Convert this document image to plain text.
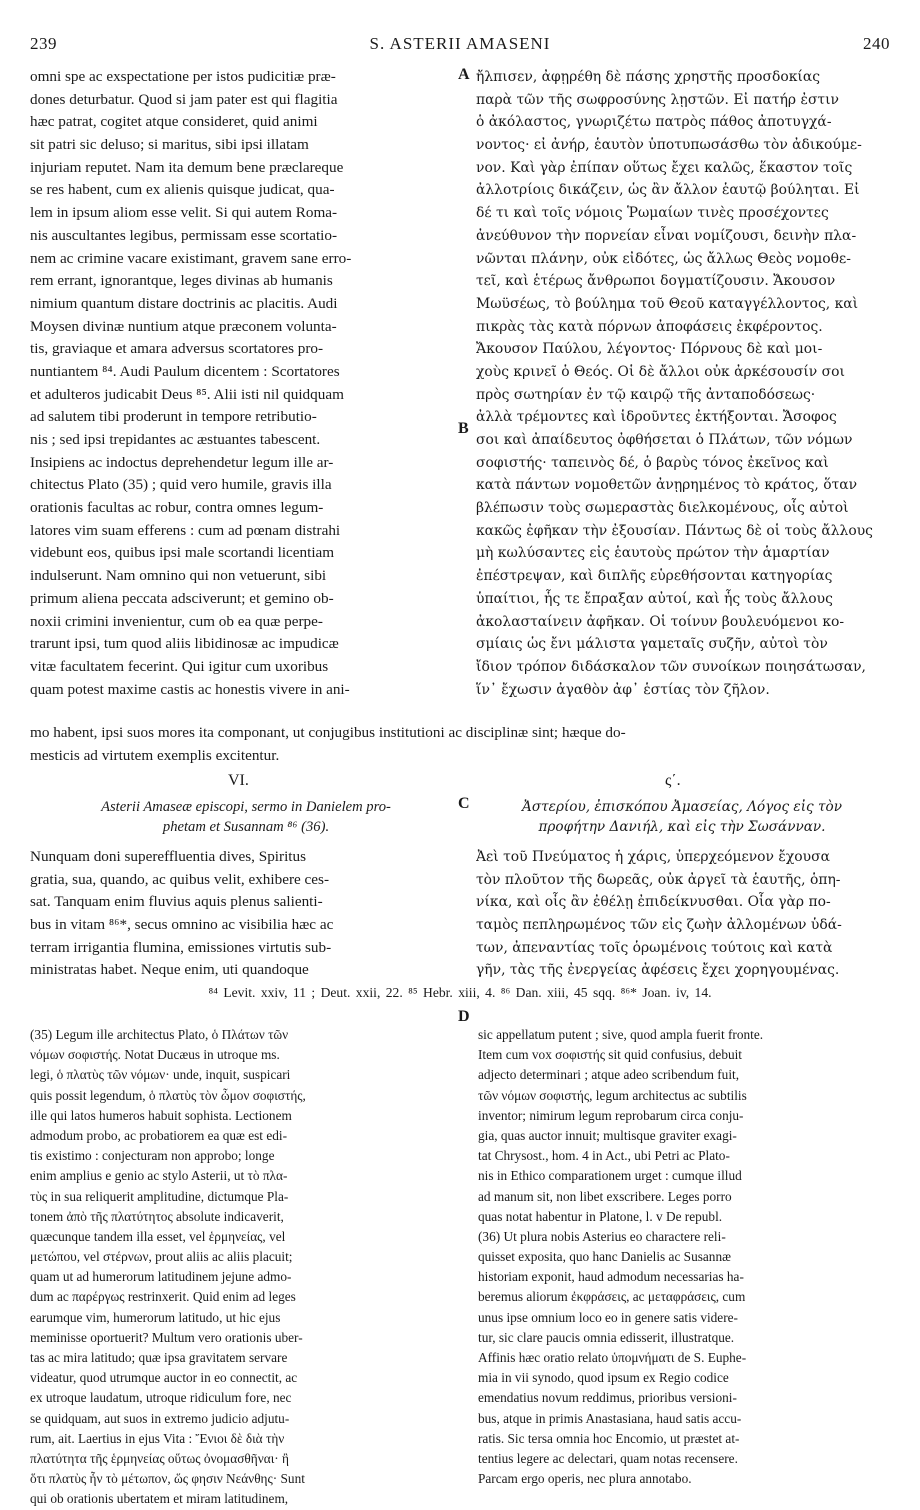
239	S. ASTERII AMASENI	240
A
B
C
D
omni spe ac exspectatione per istos pudicitiæ præ-
dones deturbatur. Quod si jam pater est qui flagitia
hæc patrat, cogitet atque consideret, quid animi
sit patri sic deluso; si maritus, sibi ipsi illatam
injuriam reputet. Nam ita demum bene præclareque
se res habent, cum ex alienis quisque judicat, qua-
lem in ipsum aliom esse velit. Si qui autem Roma-
nis auscultantes legibus, permissam esse scortatio-
nem ac crimine vacare existimant, gravem sane erro-
rem errant, ignorantque, leges divinas ab humanis
nimium quantum distare doctrinis ac placitis. Audi
Moysen divinæ nuntium atque præconem volunta-
tis, graviaque et amara adversus scortatores pro-
nuntiantem ⁸⁴. Audi Paulum dicentem : Scortatores
et adulteros judicabit Deus ⁸⁵. Alii isti nil quidquam
ad salutem tibi proderunt in tempore retributio-
nis ; sed ipsi trepidantes ac æstuantes tabescent.
Insipiens ac indoctus deprehendetur legum ille ar-
chitectus Plato (35) ; quid vero humile, gravis illa
orationis facultas ac robur, contra omnes legum-
latores vim suam efferens : cum ad pœnam distrahi
videbunt eos, quibus ipsi male scortandi licentiam
indulserunt. Nam omnino qui non vetuerunt, sibi
primum aliena peccata adsciverunt; et gemino ob-
noxii crimini invenientur, cum ob ea quæ perpe-
trarunt ipsi, tum quod aliis libidinosæ ac impudicæ
vitæ facultatem fecerint. Qui igitur cum uxoribus
quam potest maxime castis ac honestis vivere in ani-
ἤλπισεν, ἀφῃρέθη δὲ πάσης χρηστῆς προσδοκίας
παρὰ τῶν τῆς σωφροσύνης λῃστῶν. Εἰ πατήρ ἐστιν
ὁ ἀκόλαστος, γνωριζέτω πατρὸς πάθος ἀποτυγχά-
νοντος· εἰ ἀνήρ, ἑαυτὸν ὑποτυπωσάσθω τὸν ἀδικούμε-
νον. Καὶ γὰρ ἐπίπαν οὕτως ἔχει καλῶς, ἕκαστον τοῖς
ἀλλοτρίοις δικάζειν, ὡς ἂν ἄλλον ἑαυτῷ βούληται. Εἰ
δέ τι καὶ τοῖς νόμοις Ῥωμαίων τινὲς προσέχοντες
ἀνεύθυνον τὴν πορνείαν εἶναι νομίζουσι, δεινὴν πλα-
νῶνται πλάνην, οὐκ εἰδότες, ὡς ἄλλως Θεὸς νομοθε-
τεῖ, καὶ ἑτέρως ἄνθρωποι δογματίζουσιν. Ἄκουσον
Μωϋσέως, τὸ βούλημα τοῦ Θεοῦ καταγγέλλοντος, καὶ
πικρὰς τὰς κατὰ πόρνων ἀποφάσεις ἐκφέροντος.
Ἄκουσον Παύλου, λέγοντος· Πόρνους δὲ καὶ μοι-
χοὺς κρινεῖ ὁ Θεός. Οἱ δὲ ἄλλοι οὐκ ἀρκέσουσίν σοι
πρὸς σωτηρίαν ἐν τῷ καιρῷ τῆς ἀνταποδόσεως·
ἀλλὰ τρέμοντες καὶ ἱδροῦντες ἐκτήξονται. Ἄσοφος
σοι καὶ ἀπαίδευτος ὀφθήσεται ὁ Πλάτων, τῶν νόμων
σοφιστής· ταπεινὸς δέ, ὁ βαρὺς τόνος ἐκεῖνος καὶ
κατὰ πάντων νομοθετῶν ἀνῃρημένος τὸ κράτος, ὅταν
βλέπωσιν τοὺς σωμεραστὰς διελκομένους, οἷς αὐτοὶ
κακῶς ἐφῆκαν τὴν ἐξουσίαν. Πάντως δὲ οἱ τοὺς ἄλλους
μὴ κωλύσαντες εἰς ἑαυτοὺς πρώτον τὴν ἁμαρτίαν
ἐπέστρεψαν, καὶ διπλῆς εὑρεθήσονται κατηγορίας
ὑπαίτιοι, ἧς τε ἔπραξαν αὐτοί, καὶ ἧς τοὺς ἄλλους
ἀκολασταίνειν ἀφῆκαν. Οἱ τοίνυν βουλευόμενοι κο-
σμίαις ὡς ἔνι μάλιστα γαμεταῖς συζῆν, αὐτοὶ τὸν
ἴδιον τρόπον διδάσκαλον τῶν συνοίκων ποιησάτωσαν,
ἵν᾽ ἔχωσιν ἀγαθὸν ἀφ᾽ ἑστίας τὸν ζῆλον.
mo habent, ipsi suos mores ita componant, ut conjugibus institutioni ac disciplinæ sint; hæque do-
mesticis ad virtutem exemplis excitentur.
VI.	ς΄.
Asterii Amaseæ episcopi, sermo in Danielem pro-
phetam et Susannam ⁸⁶ (36).
Ἀστερίου, ἐπισκόπου Ἀμασείας, Λόγος εἰς τὸν
προφήτην Δανιήλ, καὶ εἰς τὴν Σωσάνναν.
Nunquam doni supereffluentia dives, Spiritus
gratia, sua, quando, ac quibus velit, exhibere ces-
sat. Tanquam enim fluvius aquis plenus salienti-
bus in vitam ⁸⁶*, secus omnino ac visibilia hæc ac
terram irrigantia flumina, emissiones virtutis sub-
ministratas habet. Neque enim, uti quandoque
Ἀεὶ τοῦ Πνεύματος ἡ χάρις, ὑπερχεόμενον ἔχουσα
τὸν πλοῦτον τῆς δωρεᾶς, οὐκ ἀργεῖ τὰ ἑαυτῆς, ὁπη-
νίκα, καὶ οἷς ἂν ἐθέλῃ ἐπιδείκνυσθαι. Οἷα γὰρ πο-
ταμὸς πεπληρωμένος τῶν εἰς ζωὴν ἀλλομένων ὑδά-
των, ἀπεναντίας τοῖς ὁρωμένοις τούτοις καὶ κατὰ
γῆν, τὰς τῆς ἐνεργείας ἀφέσεις ἔχει χορηγουμένας.
⁸⁴ Levit. xxiv, 11 ; Deut. xxii, 22. ⁸⁵ Hebr. xiii, 4. ⁸⁶ Dan. xiii, 45 sqq. ⁸⁶* Joan. iv, 14.
(35) Legum ille architectus Plato, ὁ Πλάτων τῶν
νόμων σοφιστής. Notat Ducæus in utroque ms.
legi, ὁ πλατὺς τῶν νόμων· unde, inquit, suspicari
quis possit legendum, ὁ πλατὺς τὸν ὦμον σοφιστής,
ille qui latos humeros habuit sophista. Lectionem
admodum probo, ac probatiorem ea quæ est edi-
tis existimo : conjecturam non approbo; longe
enim amplius e genio ac stylo Asterii, ut τὸ πλα-
τὺς in sua reliquerit amplitudine, dictumque Pla-
tonem ἀπὸ τῆς πλατύτητος absolute indicaverit,
quæcunque tandem illa esset, vel ἑρμηνείας, vel
μετώπου, vel στέρνων, prout aliis ac aliis placuit;
quam ut ad humerorum latitudinem jejune admo-
dum ac παρέργως restrinxerit. Quid enim ad leges
earumque vim, humerorum latitudo, ut hic ejus
meminisse oportuerit? Multum vero orationis uber-
tas ac mira latitudo; quæ ipsa gravitatem servare
videatur, quod utrumque auctor in eo connectit, ac
ex utroque laudatum, utroque ridiculum fore, nec
se quidquam, aut suos in extremo judicio adjutu-
rum, ait. Laertius in ejus Vita : Ἔνιοι δὲ διὰ τὴν
πλατύτητα τῆς ἑρμηνείας οὕτως ὀνομασθῆναι· ἢ
ὅτι πλατὺς ἦν τὸ μέτωπον, ὥς φησιν Νεάνθης· Sunt
qui ob orationis ubertatem et miram latitudinem,
sic appellatum putent ; sive, quod ampla fuerit fronte.
Item cum vox σοφιστής sit quid confusius, debuit
adjecto determinari ; atque adeo scribendum fuit,
τῶν νόμων σοφιστής, legum architectus ac subtilis
inventor; nimirum legum reprobarum circa conju-
gia, quas auctor innuit; multisque graviter exagi-
tat Chrysost., hom. 4 in Act., ubi Petri ac Plato-
nis in Ethico comparationem urget : cumque illud
ad manum sit, non libet exscribere. Leges porro
quas notat habentur in Platone, l. v De republ.
(36) Ut plura nobis Asterius eo charactere reli-
quisset exposita, quo hanc Danielis ac Susannæ
historiam exponit, haud admodum necessarias ha-
beremus aliorum ἐκφράσεις, ac μεταφράσεις, cum
unus ipse omnium loco eo in genere satis videre-
tur, sic clare paucis omnia edisserit, illustratque.
Affinis hæc oratio relato ὑπομνήματι de S. Euphe-
mia in vii synodo, quod ipsum ex Regio codice
emendatius novum reddimus, prioribus versioni-
bus, atque in primis Anastasiana, haud satis accu-
ratis. Sic tersa omnia hoc Encomio, ut præstet at-
tentius legere ac delectari, quam notas recensere.
Parcam ergo operis, nec plura annotabo.
